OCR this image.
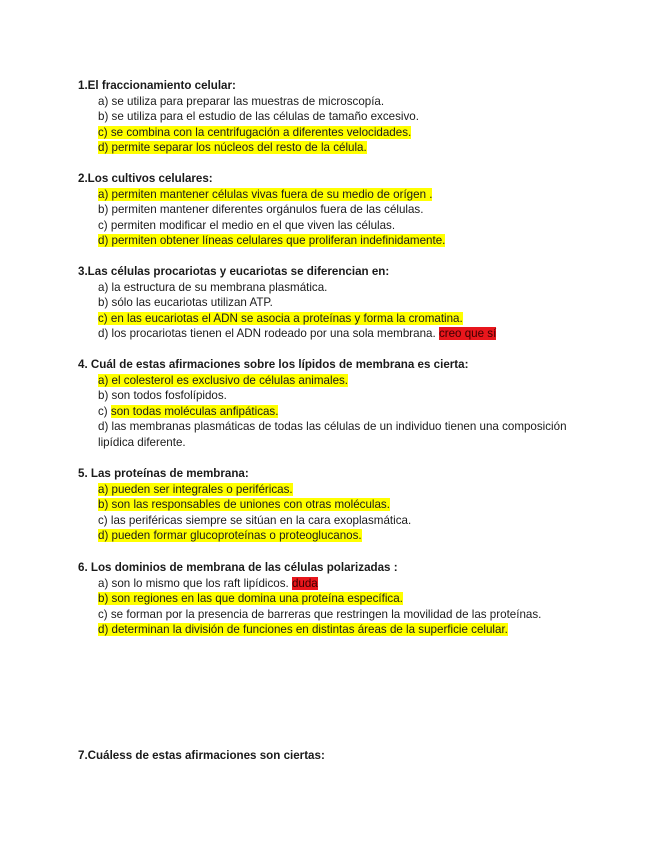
1.El fraccionamiento celular:

a) se utiliza para preparar las muestras de microscopía.
b) se utiliza para el estudio de las células de tamaño excesivo.
c) se combina con la centrifugación a diferentes velocidades.
d) permite separar los núcleos del resto de la célula.

2.Los cultivos celulares:

a) permiten mantener células vivas fuera de su medio de orígen .
b) permiten mantener diferentes orgánulos fuera de las células.
c) permiten modificar el medio en el que viven las células.
d) permiten obtener líneas celulares que proliferan indefinidamente.

3.Las células procariotas y eucariotas se diferencian en:

a) la estructura de su membrana plasmática.
b) sólo las eucariotas utilizan ATP.
c) en las eucariotas el ADN se asocia a proteínas y forma la cromatina.
d) los procariotas tienen el ADN rodeado por una sola membrana. creo que sí

4. Cuál de estas afirmaciones sobre los lípidos de membrana es cierta:

a) el colesterol es exclusivo de células animales.
b) son todos fosfolípidos.
c) son todas moléculas anfipáticas.
d) las membranas plasmáticas de todas las células de un individuo tienen una composición lipídica diferente.

5. Las proteínas de membrana:

a) pueden ser integrales o periféricas.
b) son las responsables de uniones con otras moléculas.
c) las periféricas siempre se sitúan en la cara exoplasmática.
d) pueden formar glucoproteínas o proteoglucanos.

6. Los dominios de membrana de las células polarizadas :

a) son lo mismo que los raft lipídicos. duda
b) son regiones en las que domina una proteína específica.
c) se forman por la presencia de barreras que restringen la movilidad de las proteínas.
d) determinan la división de funciones en distintas áreas de la superficie celular.

7.Cuáless de estas afirmaciones son ciertas:
